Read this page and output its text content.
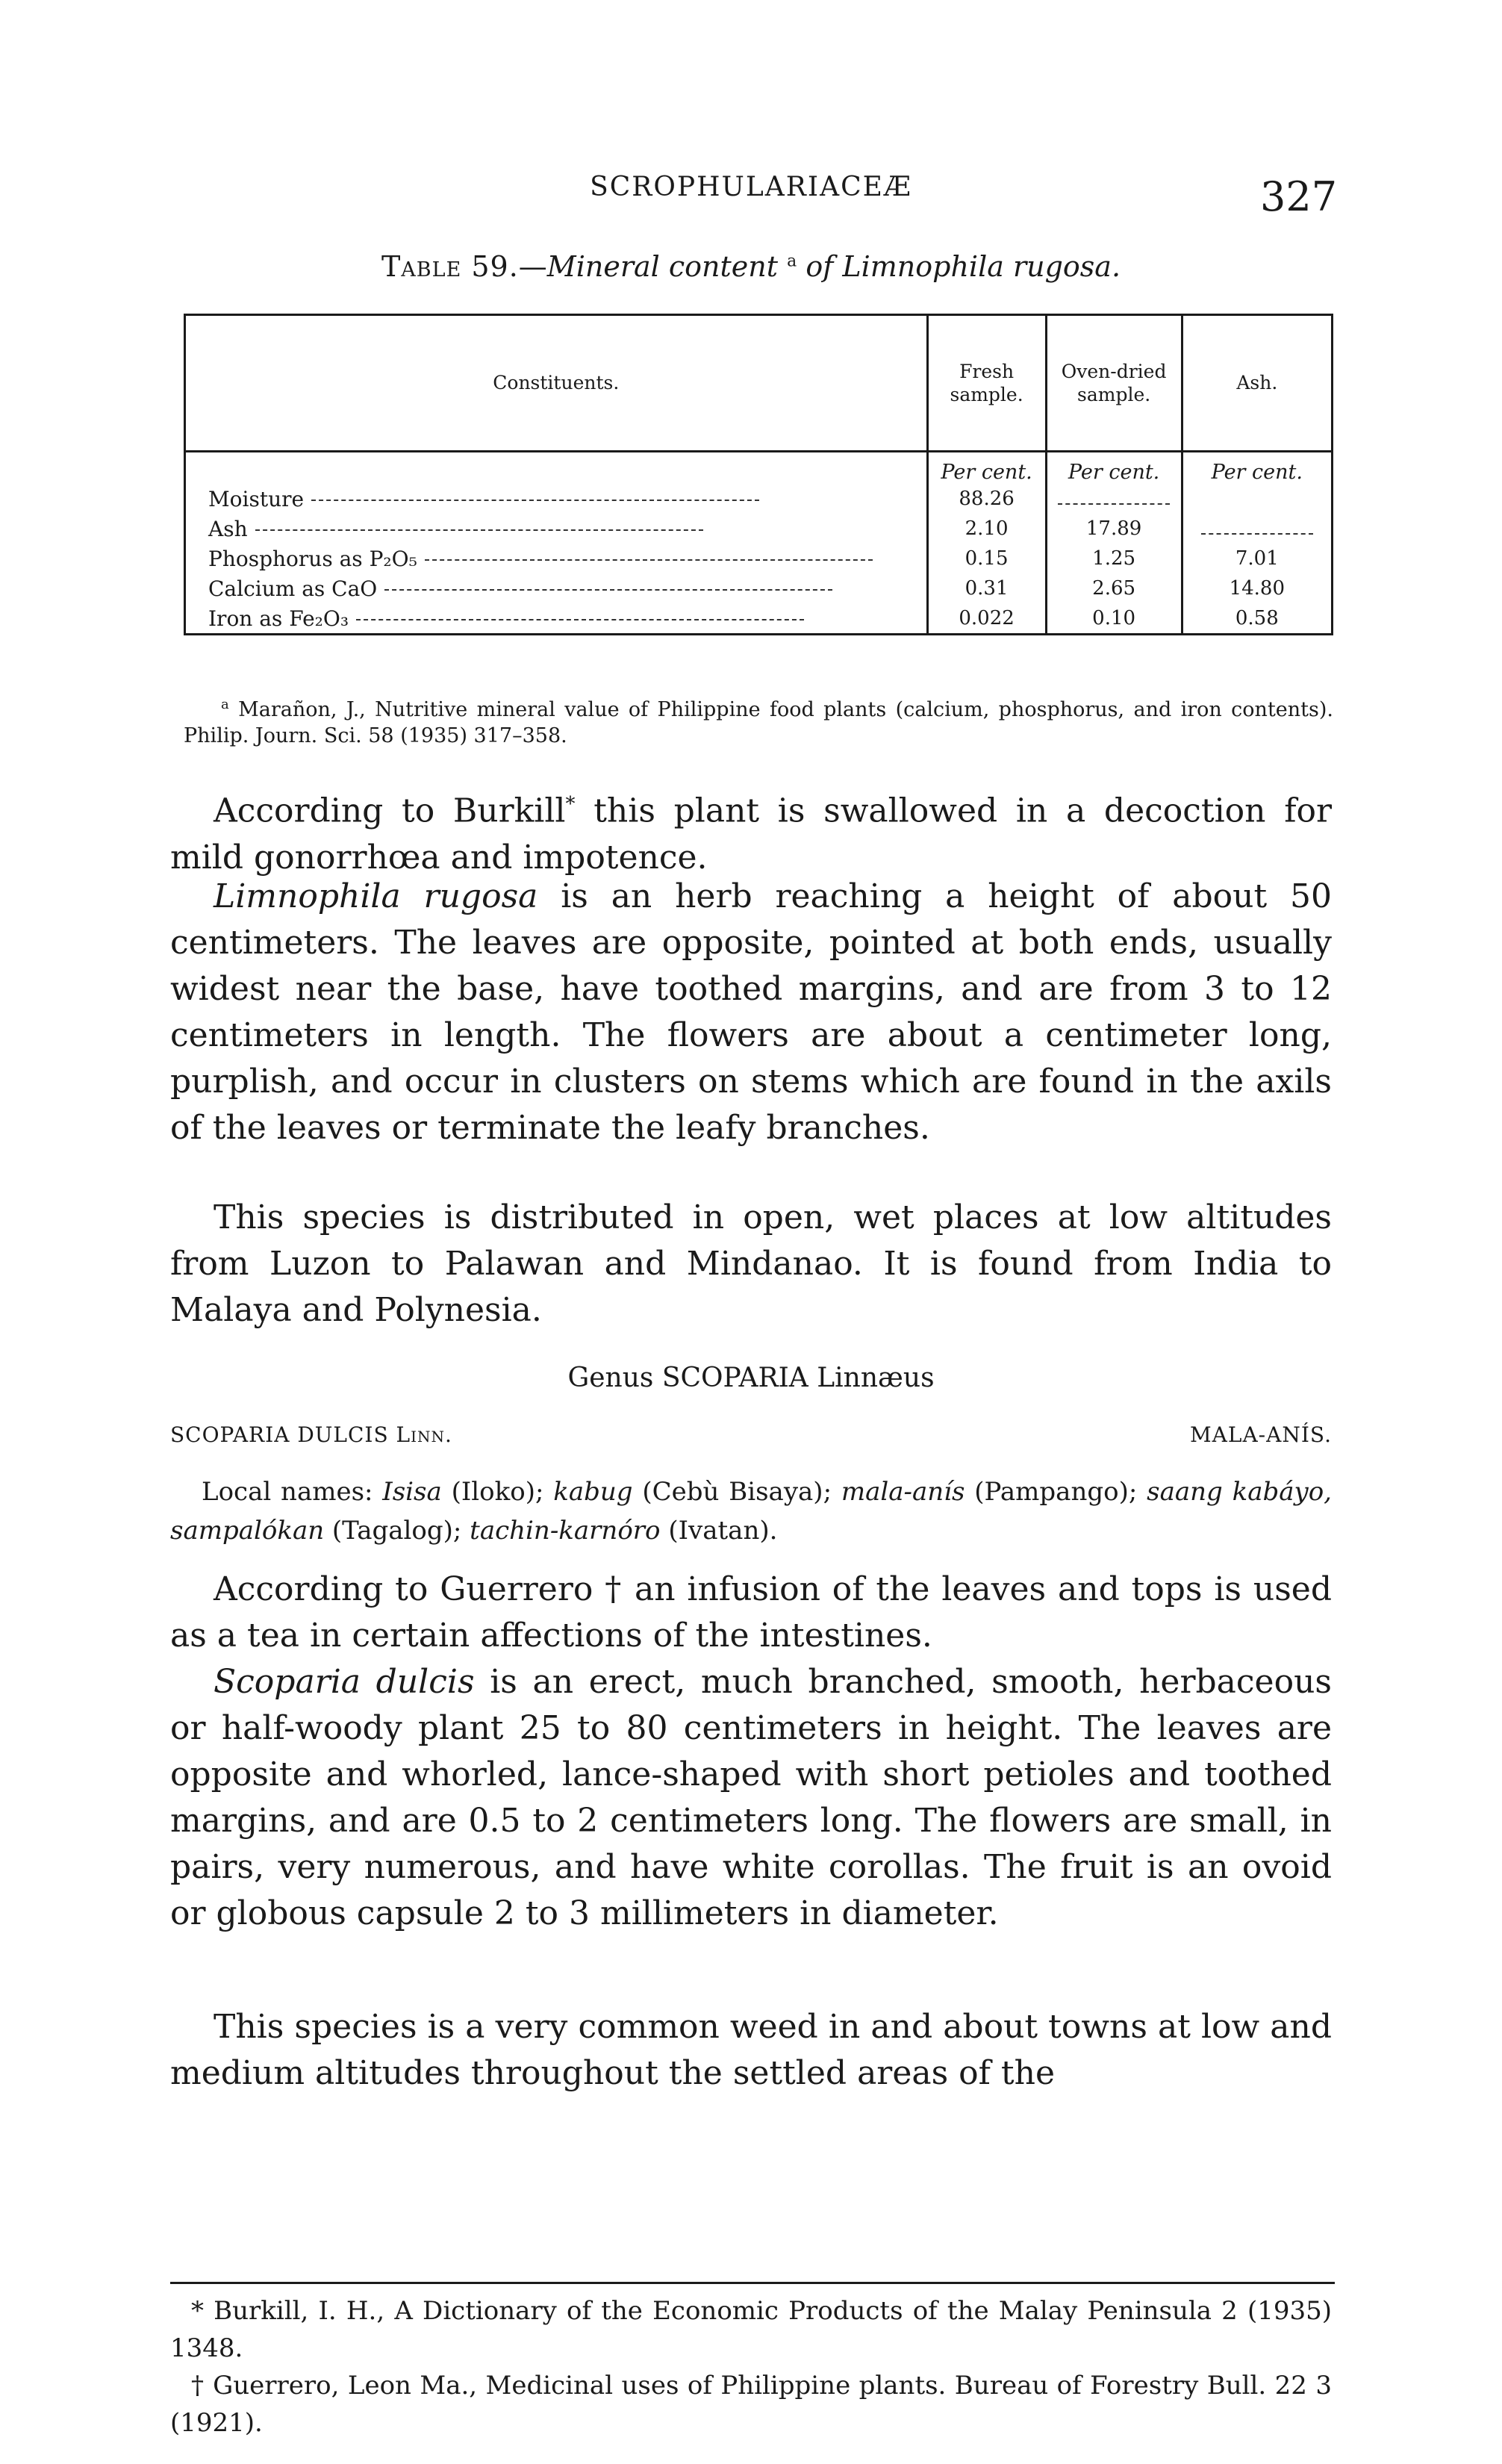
SCROPHULARIACEÆ	327
Table 59.—Mineral content $^a$ of Limnophila rugosa.
Constituents.	Fresh sample.	Oven-dried sample.	Ash.
	Per cent.	Per cent.	Per cent.
Moisture	88.26		
Ash	2.10	17.89	
Phosphorus as P₂O₅	0.15	1.25	7.01
Calcium as CaO	0.31	2.65	14.80
Iron as Fe₂O₃	0.022	0.10	0.58
$^a$ Marañon, J., Nutritive mineral value of Philippine food plants (calcium, phosphorus, and iron contents). Philip. Journ. Sci. 58 (1935) 317–358.
According to Burkill* this plant is swallowed in a decoction for mild gonorrhœa and impotence.
Limnophila rugosa is an herb reaching a height of about 50 centimeters. The leaves are opposite, pointed at both ends, usually widest near the base, have toothed margins, and are from 3 to 12 centimeters in length. The flowers are about a centimeter long, purplish, and occur in clusters on stems which are found in the axils of the leaves or terminate the leafy branches.
This species is distributed in open, wet places at low altitudes from Luzon to Palawan and Mindanao. It is found from India to Malaya and Polynesia.
Genus SCOPARIA Linnæus
SCOPARIA DULCIS Linn.	MALA-ANÍS.
Local names: Isisa (Iloko); kabug (Cebù Bisaya); mala-anís (Pampango); saang kabáyo, sampalókan (Tagalog); tachin-karnóro (Ivatan).
According to Guerrero † an infusion of the leaves and tops is used as a tea in certain affections of the intestines.
Scoparia dulcis is an erect, much branched, smooth, herbaceous or half-woody plant 25 to 80 centimeters in height. The leaves are opposite and whorled, lance-shaped with short petioles and toothed margins, and are 0.5 to 2 centimeters long. The flowers are small, in pairs, very numerous, and have white corollas. The fruit is an ovoid or globous capsule 2 to 3 millimeters in diameter.
This species is a very common weed in and about towns at low and medium altitudes throughout the settled areas of the
* Burkill, I. H., A Dictionary of the Economic Products of the Malay Peninsula 2 (1935) 1348.
† Guerrero, Leon Ma., Medicinal uses of Philippine plants. Bureau of Forestry Bull. 22 3 (1921).
